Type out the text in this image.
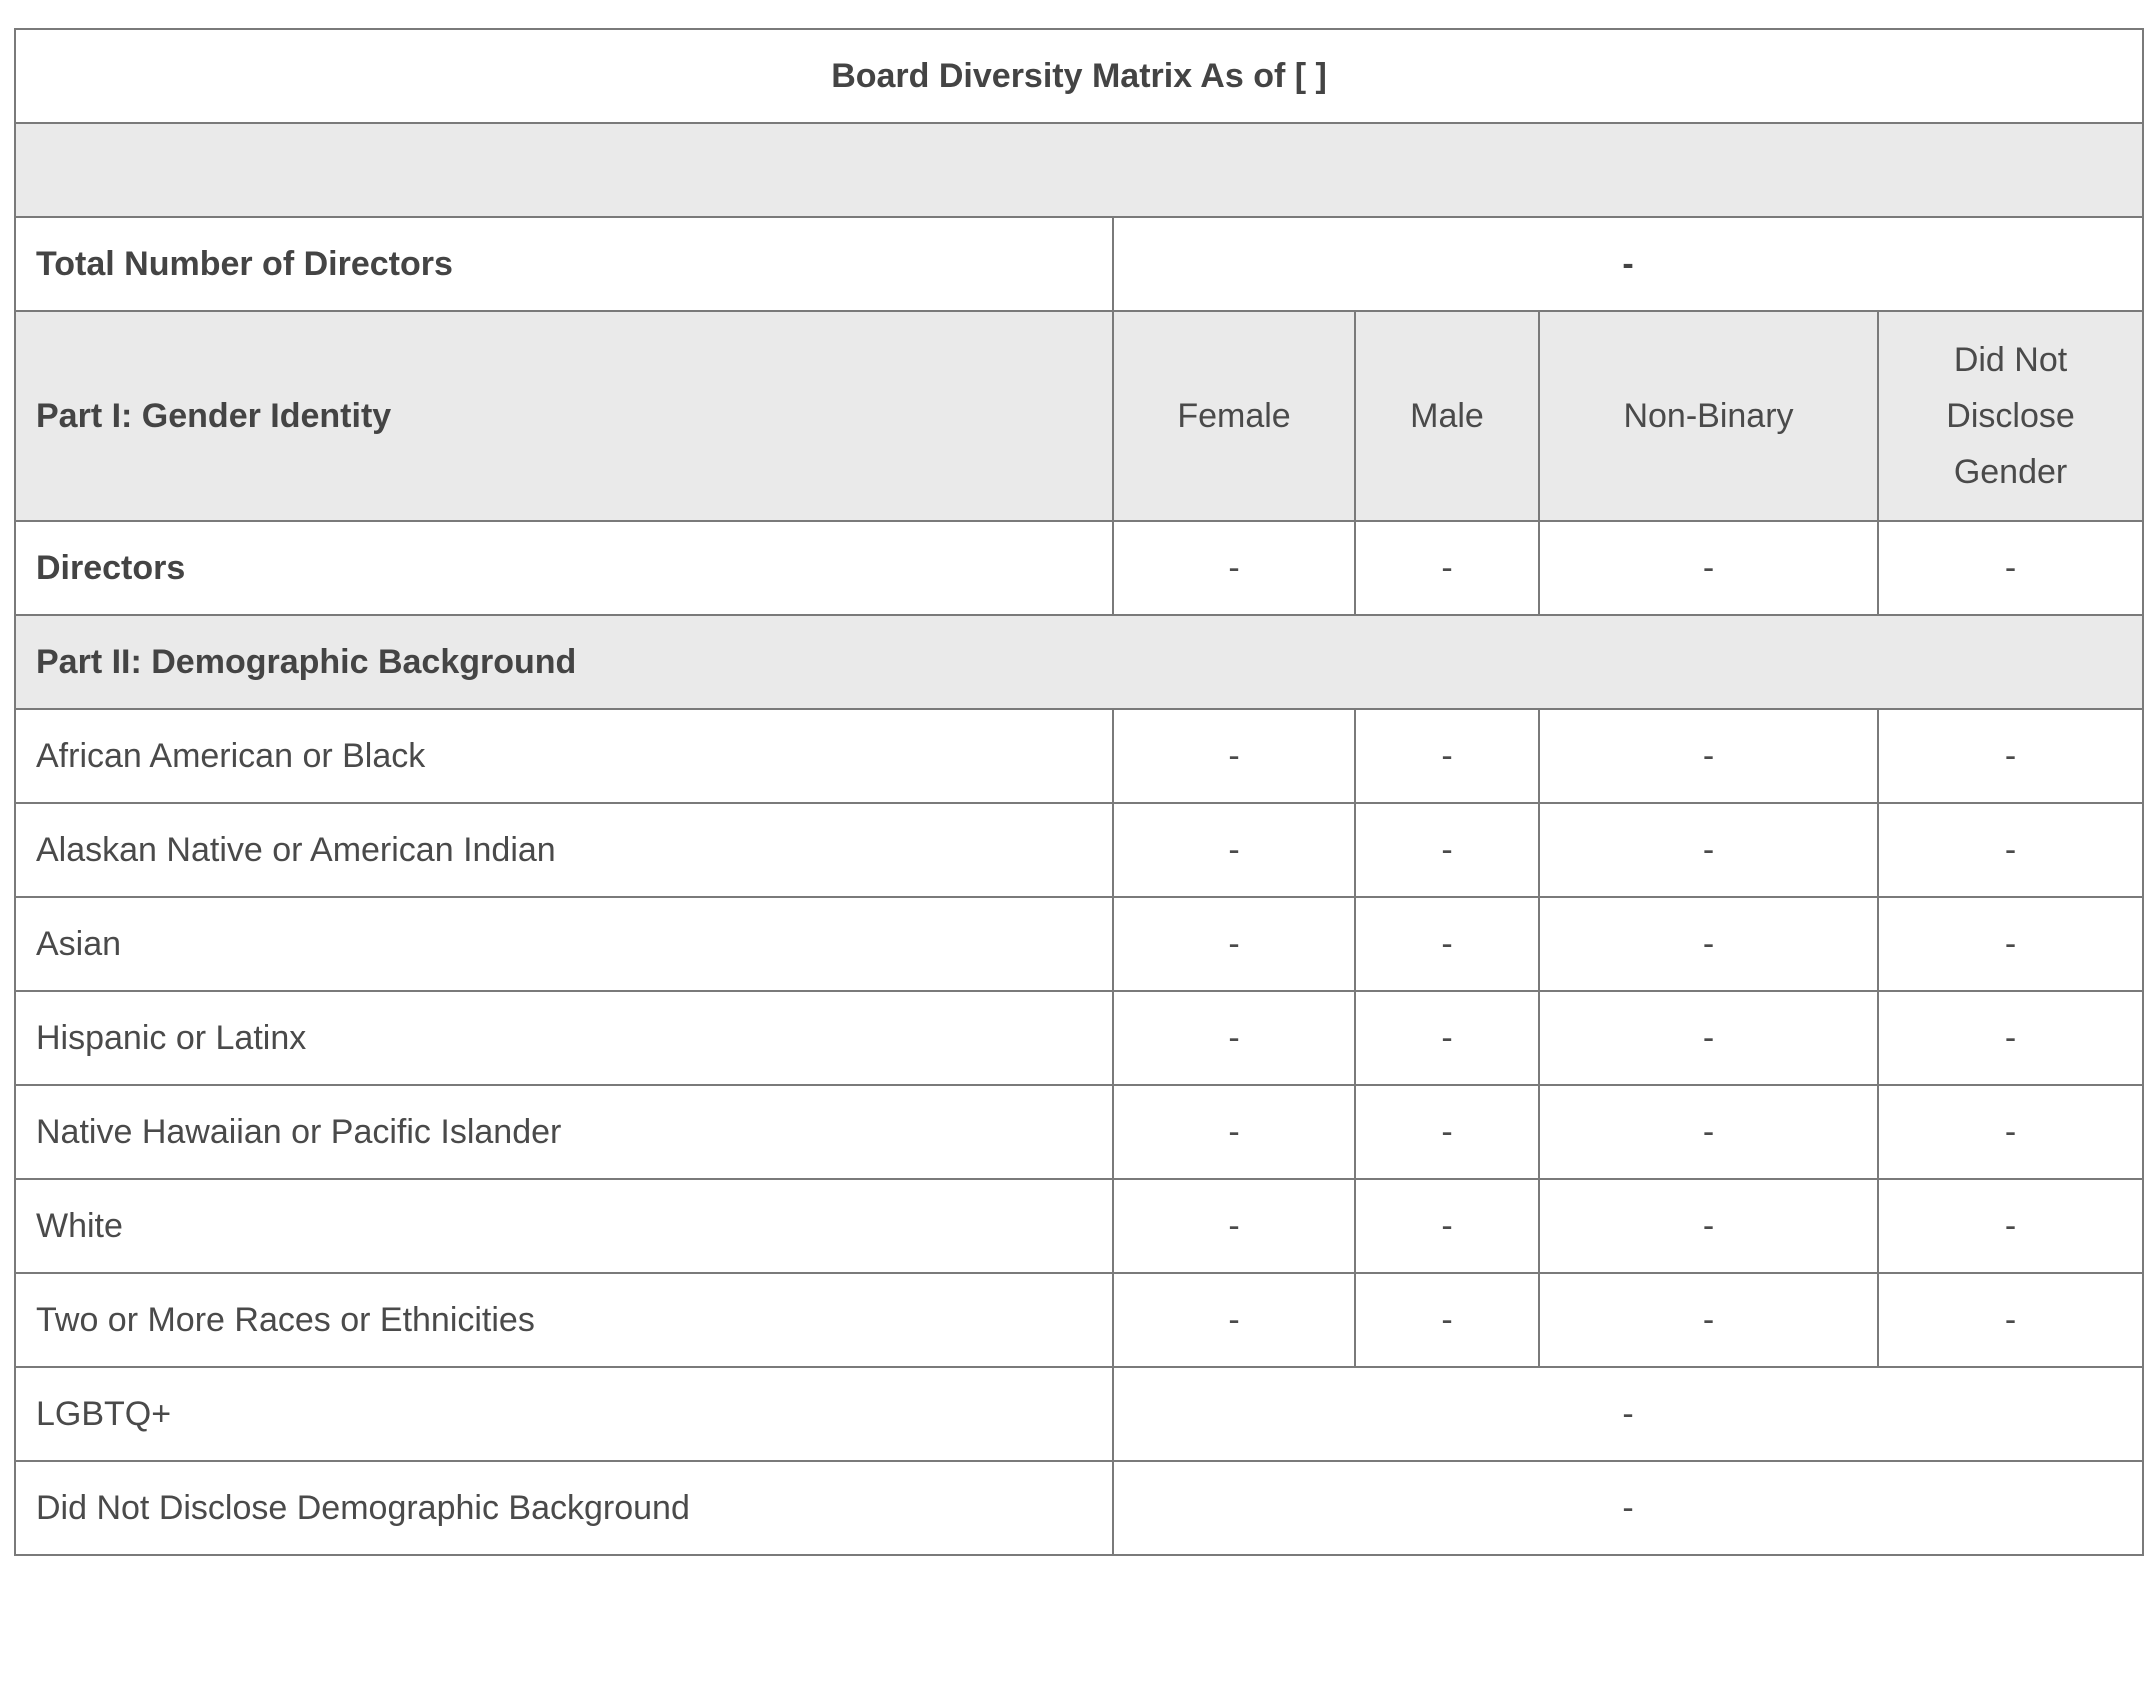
Board Diversity Matrix As of [ ]				

Total Number of Directors	-			
Part I: Gender Identity	Female	Male	Non-Binary	Did Not
Disclose
Gender

Directors	-	-	-	-
Part II: Demographic Background				
African American or Black	-	-	-	-
Alaskan Native or American Indian	-	-	-	-
Asian	-	-	-	-
Hispanic or Latinx	-	-	-	-
Native Hawaiian or Pacific Islander	-	-	-	-
White	-	-	-	-
Two or More Races or Ethnicities	-	-	-	-
LGBTQ+	-			
Did Not Disclose Demographic Background	-			
